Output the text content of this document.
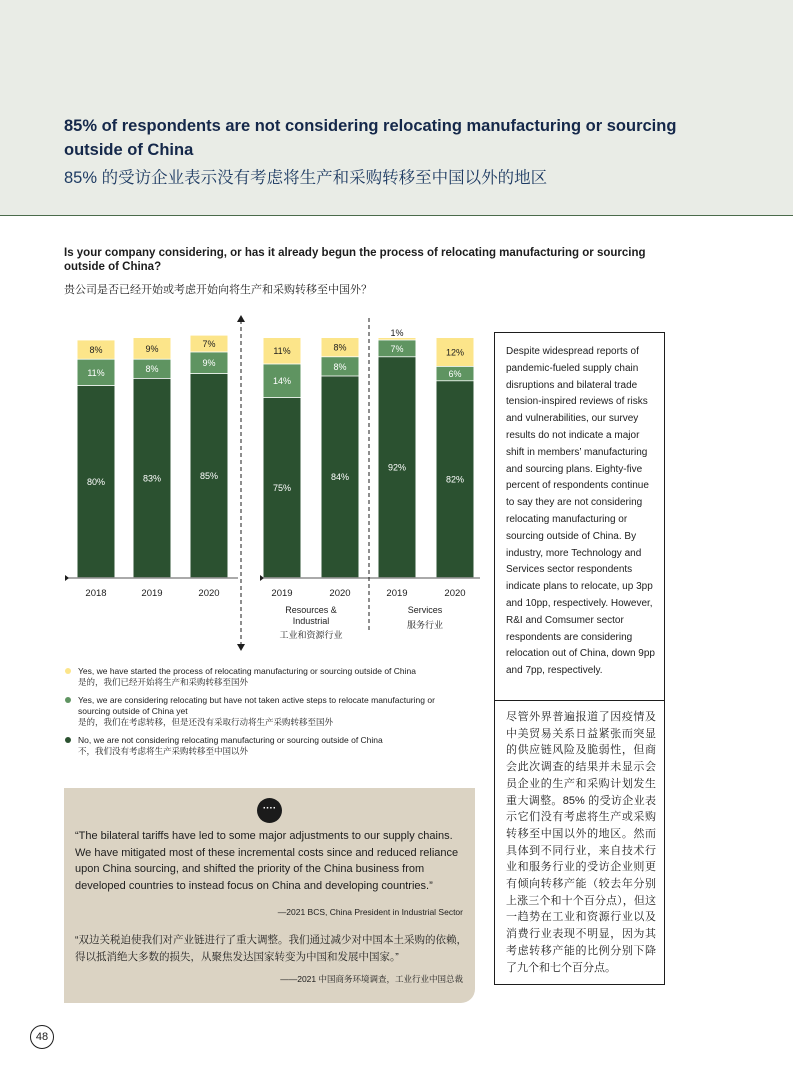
85% of respondents are not considering relocating manufacturing or sourcing outside of China
85% 的受访企业表示没有考虑将生产和采购转移至中国以外的地区
Is your company considering, or has it already begun the process of relocating manufacturing or sourcing outside of China?
贵公司是否已经开始或考虑开始向将生产和采购转移至中国外？
80%
11%
8%
2018
83%
8%
9%
2019
85%
9%
7%
2020
75%
14%
11%
2019
84%
8%
8%
2020
92%
7%
1%
2019
82%
6%
12%
2020
Resources &
Industrial
工业和资源行业
Services
服务行业
Yes, we have started the process of relocating manufacturing or sourcing outside of China
是的，我们已经开始将生产和采购转移至国外
Yes, we are considering relocating but have not taken active steps to relocate manufacturing or sourcing outside of China yet
是的，我们在考虑转移，但是还没有采取行动将生产采购转移至国外
No, we are not considering relocating manufacturing or sourcing outside of China
不，我们没有考虑将生产采购转移至中国以外
····
“The bilateral tariffs have led to some major adjustments to our supply chains. We have mitigated most of these incremental costs since and reduced reliance upon China sourcing, and shifted the priority of the China business from developed countries to instead focus on China and developing countries.”
—2021 BCS, China President in Industrial Sector
“双边关税迫使我们对产业链进行了重大调整。我们通过减少对中国本土采购的依赖，得以抵消绝大多数的损失，从聚焦发达国家转变为中国和发展中国家。”
——2021 中国商务环境调查，工业行业中国总裁
Despite widespread reports of pandemic-fueled supply chain disruptions and bilateral trade tension-inspired reviews of risks and vulnerabilities, our survey results do not indicate a major shift in members’ manufacturing and sourcing plans. Eighty-five percent of respondents continue to say they are not considering relocating manufacturing or sourcing outside of China. By industry, more Technology and Services sector respondents indicate plans to relocate, up 3pp and 10pp, respectively. However, R&I and Comsumer sector respondents are considering relocation out of China, down 9pp and 7pp, respectively.
尽管外界普遍报道了因疫情及中美贸易关系日益紧张而突显的供应链风险及脆弱性，但商会此次调查的结果并未显示会员企业的生产和采购计划发生重大调整。85% 的受访企业表示它们没有考虑将生产或采购转移至中国以外的地区。然而具体到不同行业，来自技术行业和服务行业的受访企业则更有倾向转移产能（较去年分别上涨三个和十个百分点），但这一趋势在工业和资源行业以及消费行业表现不明显，因为其考虑转移产能的比例分别下降了九个和七个百分点。
48
